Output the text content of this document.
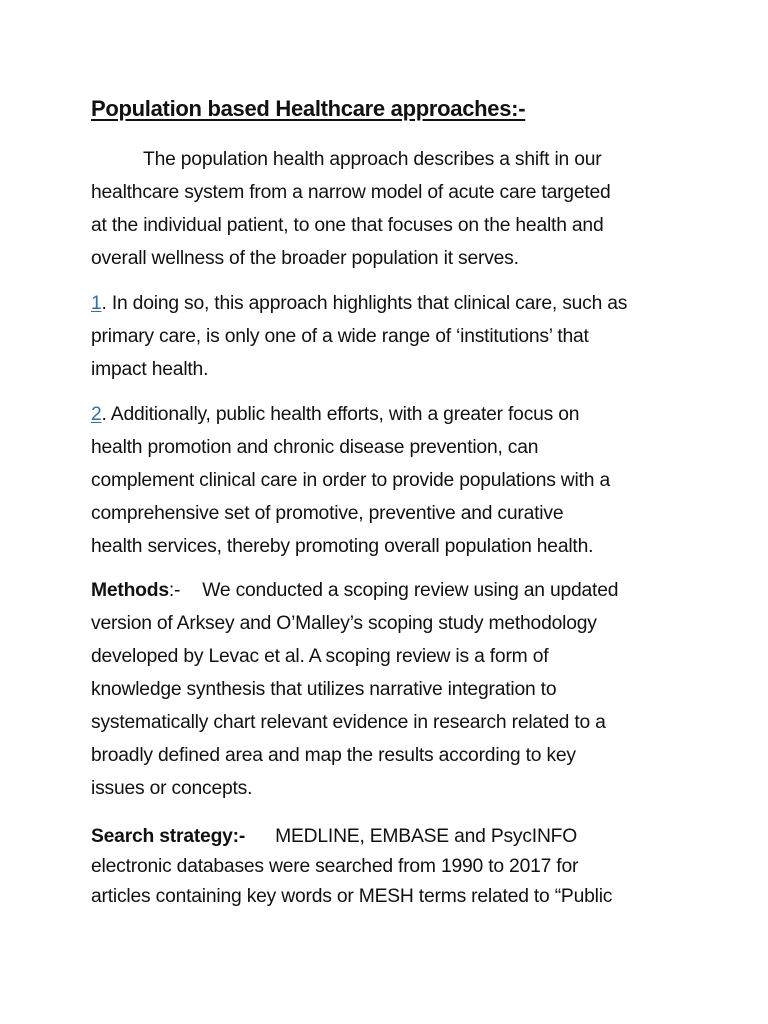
Population based Healthcare approaches:-

The population health approach describes a shift in our
healthcare system from a narrow model of acute care targeted
at the individual patient, to one that focuses on the health and
overall wellness of the broader population it serves.

1. In doing so, this approach highlights that clinical care, such as
primary care, is only one of a wide range of ‘institutions’ that
impact health.

2. Additionally, public health efforts, with a greater focus on
health promotion and chronic disease prevention, can
complement clinical care in order to provide populations with a
comprehensive set of promotive, preventive and curative
health services, thereby promoting overall population health.

Methods:- We conducted a scoping review using an updated
version of Arksey and O’Malley’s scoping study methodology
developed by Levac et al. A scoping review is a form of
knowledge synthesis that utilizes narrative integration to
systematically chart relevant evidence in research related to a
broadly defined area and map the results according to key
issues or concepts.

Search strategy:- MEDLINE, EMBASE and PsycINFO
electronic databases were searched from 1990 to 2017 for
articles containing key words or MESH terms related to “Public
